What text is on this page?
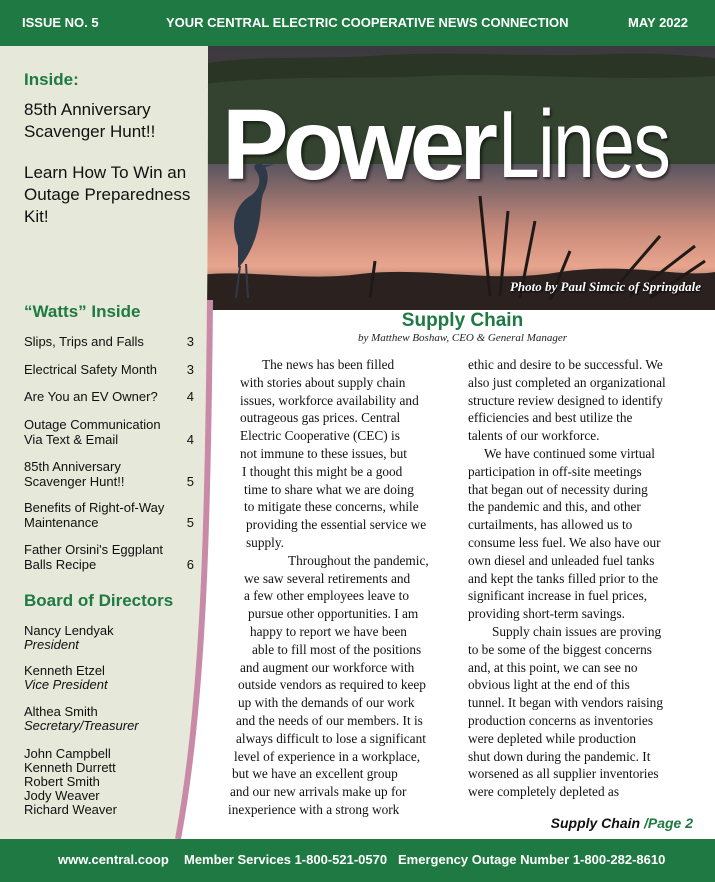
ISSUE NO. 5	YOUR CENTRAL ELECTRIC COOPERATIVE NEWS CONNECTION	MAY 2022
Power Lines
Photo by Paul Simcic of Springdale
Inside:
85th Anniversary Scavenger Hunt!!
Learn How To Win an Outage Preparedness Kit!
“Watts” Inside
Slips, Trips and Falls	3
Electrical Safety Month	3
Are You an EV Owner?	4
Outage Communication Via Text & Email	4
85th Anniversary Scavenger Hunt!!	5
Benefits of Right-of-Way Maintenance	5
Father Orsini's Eggplant Balls Recipe	6
Board of Directors
Nancy Lendyak
President
Kenneth Etzel
Vice President
Althea Smith
Secretary/Treasurer
John Campbell
Kenneth Durrett
Robert Smith
Jody Weaver
Richard Weaver
Supply Chain
by Matthew Boshaw, CEO & General Manager
The news has been filled
with stories about supply chain
issues, workforce availability and
outrageous gas prices. Central
Electric Cooperative (CEC) is
not immune to these issues, but
I thought this might be a good
time to share what we are doing
to mitigate these concerns, while
providing the essential service we
supply.
Throughout the pandemic,
we saw several retirements and
a few other employees leave to
pursue other opportunities. I am
happy to report we have been
able to fill most of the positions
and augment our workforce with
outside vendors as required to keep
up with the demands of our work
and the needs of our members. It is
always difficult to lose a significant
level of experience in a workplace,
but we have an excellent group
and our new arrivals make up for
inexperience with a strong work
ethic and desire to be successful. We
also just completed an organizational
structure review designed to identify
efficiencies and best utilize the
talents of our workforce.
We have continued some virtual
participation in off-site meetings
that began out of necessity during
the pandemic and this, and other
curtailments, has allowed us to
consume less fuel. We also have our
own diesel and unleaded fuel tanks
and kept the tanks filled prior to the
significant increase in fuel prices,
providing short-term savings.
Supply chain issues are proving
to be some of the biggest concerns
and, at this point, we can see no
obvious light at the end of this
tunnel. It began with vendors raising
production concerns as inventories
were depleted while production
shut down during the pandemic. It
worsened as all supplier inventories
were completely depleted as
Supply Chain /Page 2
www.central.coop Member Services 1-800-521-0570 Emergency Outage Number 1-800-282-8610
